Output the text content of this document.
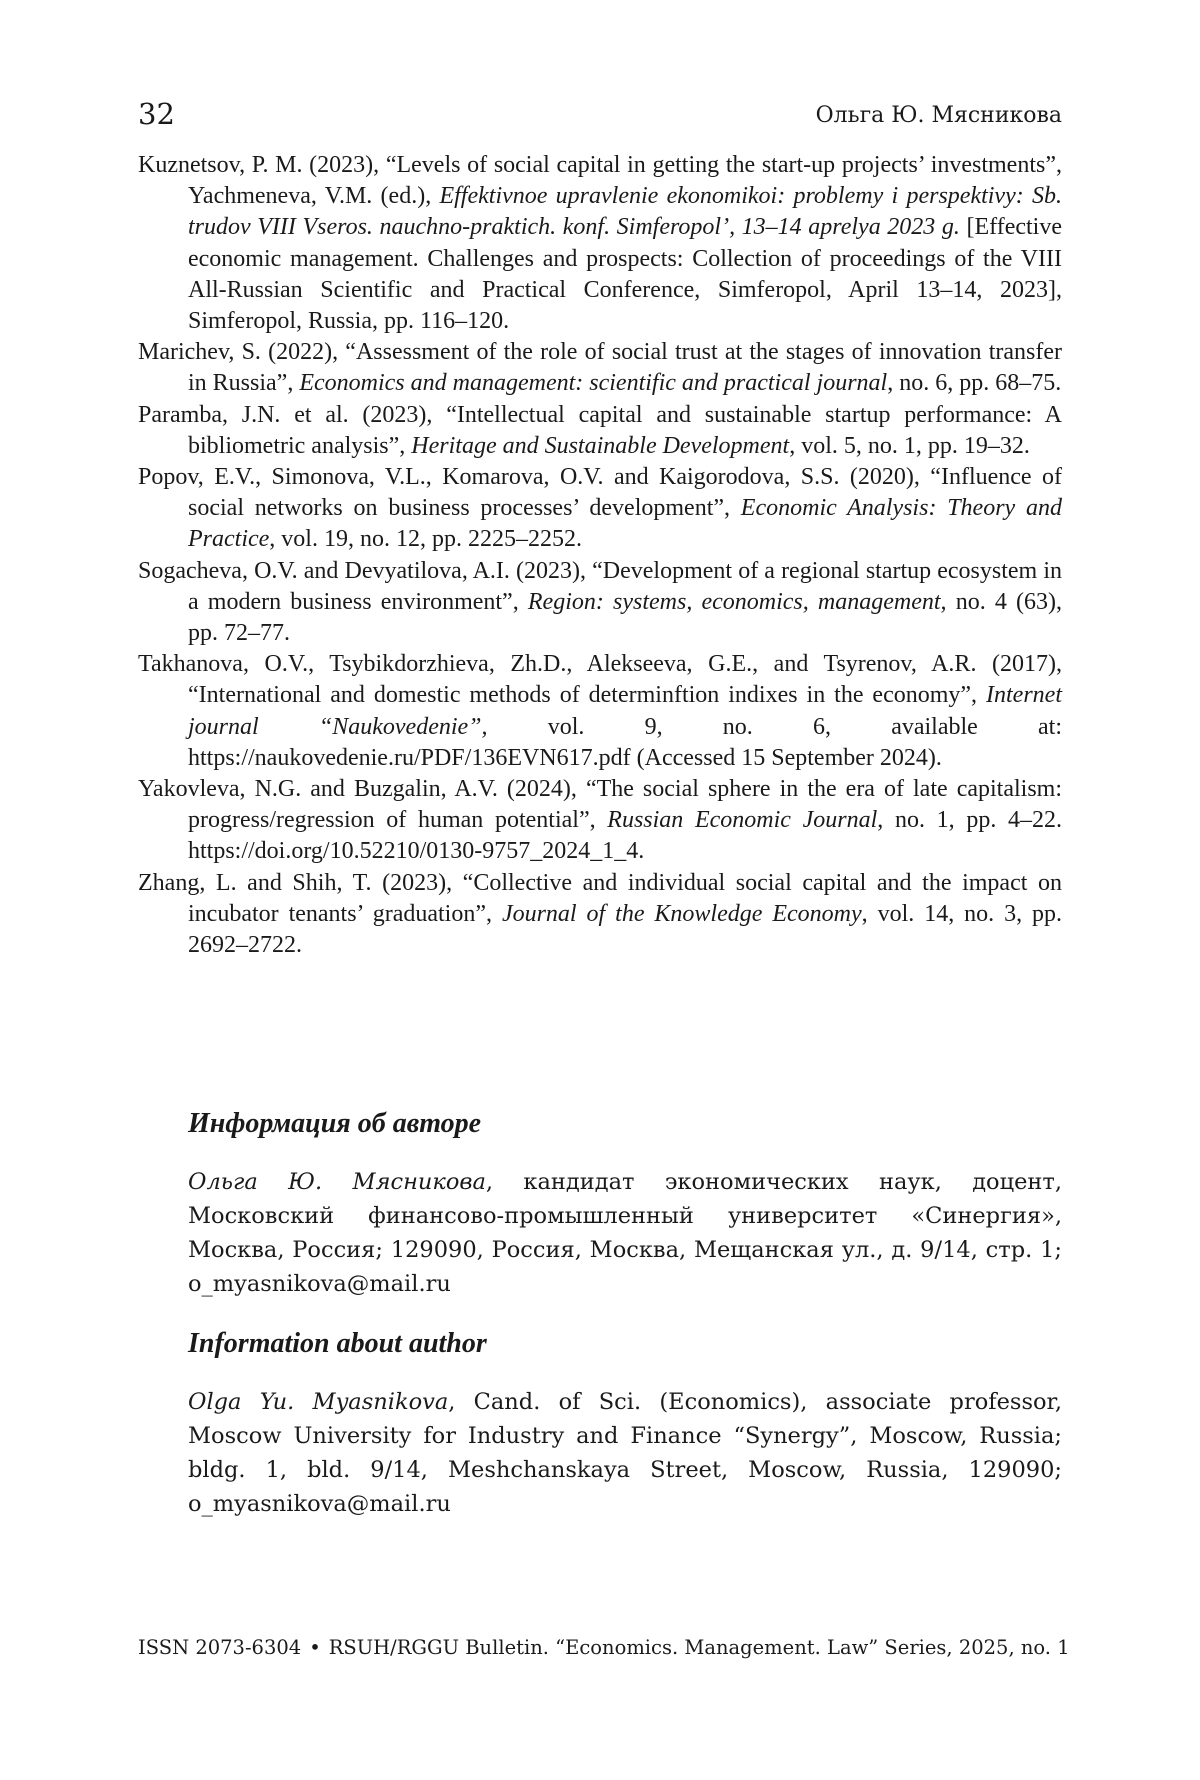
32	Ольга Ю. Мясникова
Kuznetsov, P. M. (2023), “Levels of social capital in getting the start-up projects’ investments”, Yachmeneva, V.M. (ed.), Effektivnoe upravlenie ekonomikoi: problemy i perspektivy: Sb. trudov VIII Vseros. nauchno-praktich. konf. Simferopol’, 13–14 aprelya 2023 g. [Effective economic management. Challenges and prospects: Collection of proceedings of the VIII All-Russian Scientific and Practical Conference, Simferopol, April 13–14, 2023], Simferopol, Russia, pp. 116–120.
Marichev, S. (2022), “Assessment of the role of social trust at the stages of innovation transfer in Russia”, Economics and management: scientific and practical journal, no. 6, pp. 68–75.
Paramba, J.N. et al. (2023), “Intellectual capital and sustainable startup performance: A bibliometric analysis”, Heritage and Sustainable Development, vol. 5, no. 1, pp. 19–32.
Popov, E.V., Simonova, V.L., Komarova, O.V. and Kaigorodova, S.S. (2020), “Influence of social networks on business processes’ development”, Economic Analysis: Theory and Practice, vol. 19, no. 12, pp. 2225–2252.
Sogacheva, O.V. and Devyatilova, A.I. (2023), “Development of a regional startup ecosystem in a modern business environment”, Region: systems, economics, management, no. 4 (63), pp. 72–77.
Takhanova, O.V., Tsybikdorzhieva, Zh.D., Alekseeva, G.E., and Tsyrenov, A.R. (2017), “International and domestic methods of determinftion indixes in the economy”, Internet journal “Naukovedenie”, vol. 9, no. 6, available at: https://naukovedenie.ru/PDF/136EVN617.pdf (Accessed 15 September 2024).
Yakovleva, N.G. and Buzgalin, A.V. (2024), “The social sphere in the era of late capitalism: progress/regression of human potential”, Russian Economic Journal, no. 1, pp. 4–22. https://doi.org/10.52210/0130-9757_2024_1_4.
Zhang, L. and Shih, T. (2023), “Collective and individual social capital and the impact on incubator tenants’ graduation”, Journal of the Knowledge Economy, vol. 14, no. 3, pp. 2692–2722.
Информация об авторе

Ольга Ю. Мясникова, кандидат экономических наук, доцент, Московский финансово-промышленный университет «Синергия», Москва, Россия; 129090, Россия, Москва, Мещанская ул., д. 9/14, стр. 1; o_myasnikova@mail.ru

Information about author

Olga Yu. Myasnikova, Cand. of Sci. (Economics), associate professor, Moscow University for Industry and Finance “Synergy”, Moscow, Russia; bldg. 1, bld. 9/14, Meshchanskaya Street, Moscow, Russia, 129090; o_myasnikova@mail.ru

ISSN 2073-6304 • RSUH/RGGU Bulletin. “Economics. Management. Law” Series, 2025, no. 1
